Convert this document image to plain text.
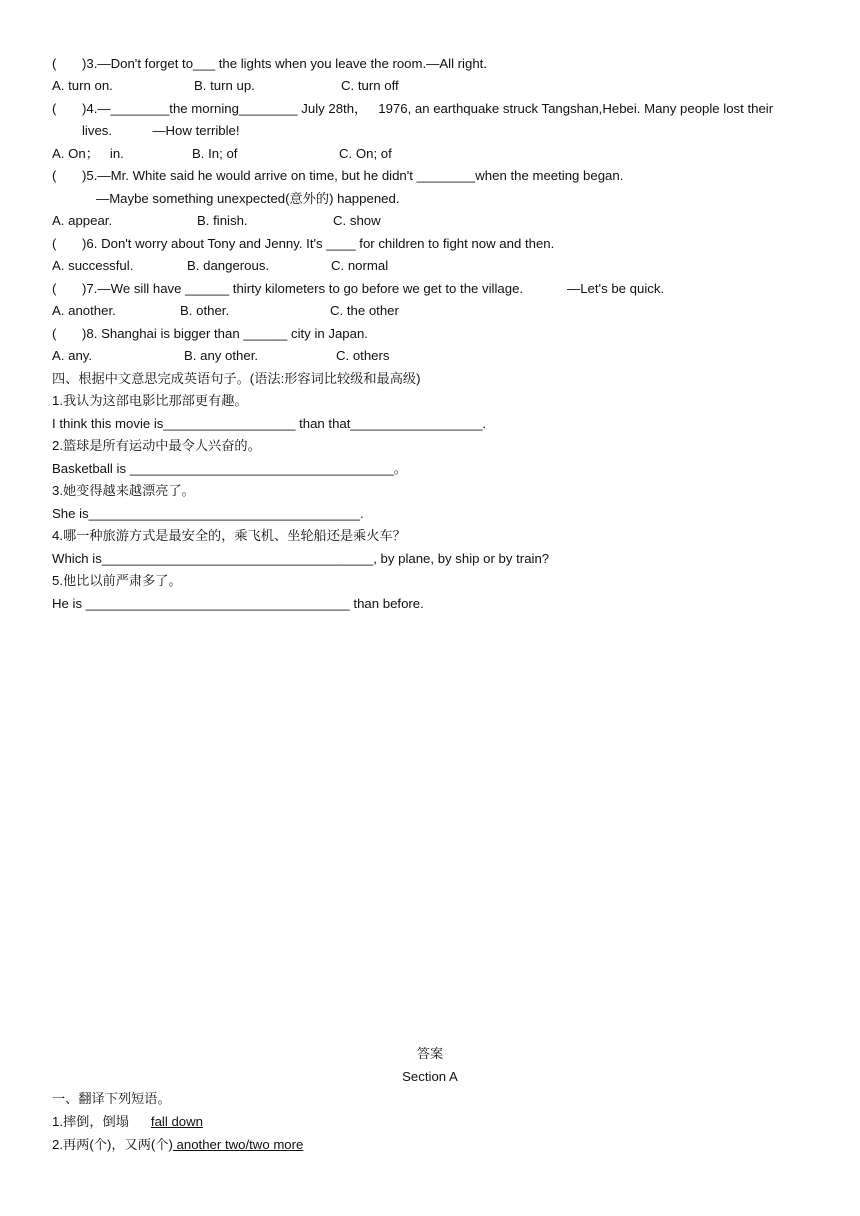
(       )3.—Don't forget to___ the lights when you leave the room.—All right.
A. turn on.	B. turn up.	C. turn off
(       )4.—________the morning________ July 28th，   1976, an earthquake struck Tangshan,Hebei. Many people lost their
lives.           —How terrible!
A. On；   in.	B. In; of	C. On; of
(       )5.—Mr. White said he would arrive on time, but he didn't ________when the meeting began.
—Maybe something unexpected(意外的) happened.
A. appear.	B. finish.	C. show
(       )6. Don't worry about Tony and Jenny. It's ____ for children to fight now and then.
A. successful.	B. dangerous.	C. normal
(       )7.—We sill have ______ thirty kilometers to go before we get to the village.            —Let's be quick.
A. another.	B. other.	C. the other
(       )8. Shanghai is bigger than ______ city in Japan.
A. any.	B. any other.	C. others
四、根据中文意思完成英语句子。(语法:形容词比较级和最高级)
1.我认为这部电影比那部更有趣。
I think this movie is__________________ than that__________________.
2.篮球是所有运动中最令人兴奋的。
Basketball is ____________________________________。
3.她变得越来越漂亮了。
She is_____________________________________.
4.哪一种旅游方式是最安全的，乘飞机、坐轮船还是乘火车？
Which is_____________________________________, by plane, by ship or by train?
5.他比以前严肃多了。
He is ____________________________________ than before.
答案
Section A
一、翻译下列短语。
1.摔倒，倒塌      fall down
2.再两(个)，又两(个) another two/two more
